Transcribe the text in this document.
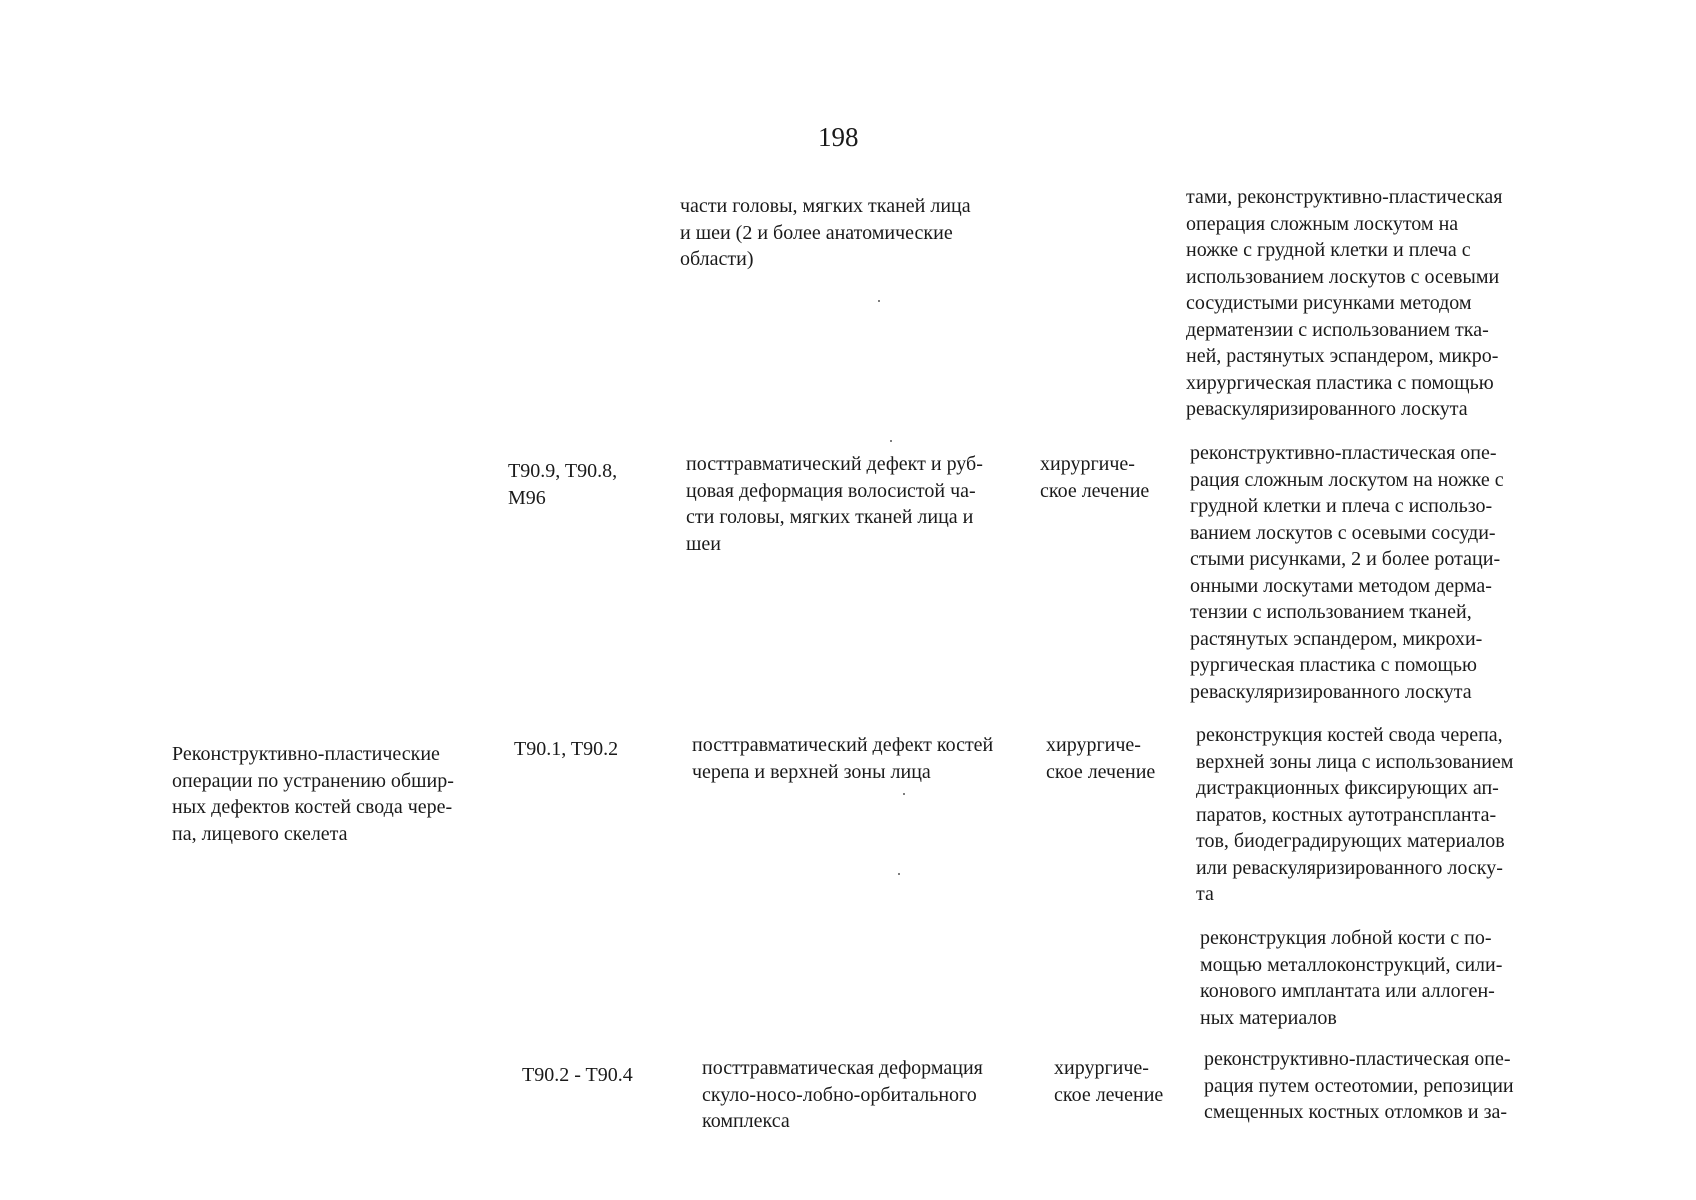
198
части головы, мягких тканей лица
и шеи (2 и более анатомические
области)
тами, реконструктивно-пластическая
операция сложным лоскутом на
ножке с грудной клетки и плеча с
использованием лоскутов с осевыми
сосудистыми рисунками методом
дерматензии с использованием тка-
ней, растянутых эспандером, микро-
хирургическая пластика с помощью
реваскуляризированного лоскута
T90.9, T90.8,
M96
посттравматический дефект и руб-
цовая деформация волосистой ча-
сти головы, мягких тканей лица и
шеи
хирургиче-
ское лечение
реконструктивно-пластическая опе-
рация сложным лоскутом на ножке с
грудной клетки и плеча с использо-
ванием лоскутов с осевыми сосуди-
стыми рисунками, 2 и более ротаци-
онными лоскутами методом дерма-
тензии с использованием тканей,
растянутых эспандером, микрохи-
рургическая пластика с помощью
реваскуляризированного лоскута
Реконструктивно-пластические
операции по устранению обшир-
ных дефектов костей свода чере-
па, лицевого скелета
T90.1, T90.2	посттравматический дефект костей
черепа и верхней зоны лица
хирургиче-
ское лечение
реконструкция костей свода черепа,
верхней зоны лица с использованием
дистракционных фиксирующих ап-
паратов, костных аутотранспланта-
тов, биодеградирующих материалов
или реваскуляризированного лоску-
та
реконструкция лобной кости с по-
мощью металлоконструкций, сили-
конового имплантата или аллоген-
ных материалов
T90.2 - T90.4	посттравматическая деформация
скуло-носо-лобно-орбитального
комплекса
хирургиче-
ское лечение
реконструктивно-пластическая опе-
рация путем остеотомии, репозиции
смещенных костных отломков и за-
